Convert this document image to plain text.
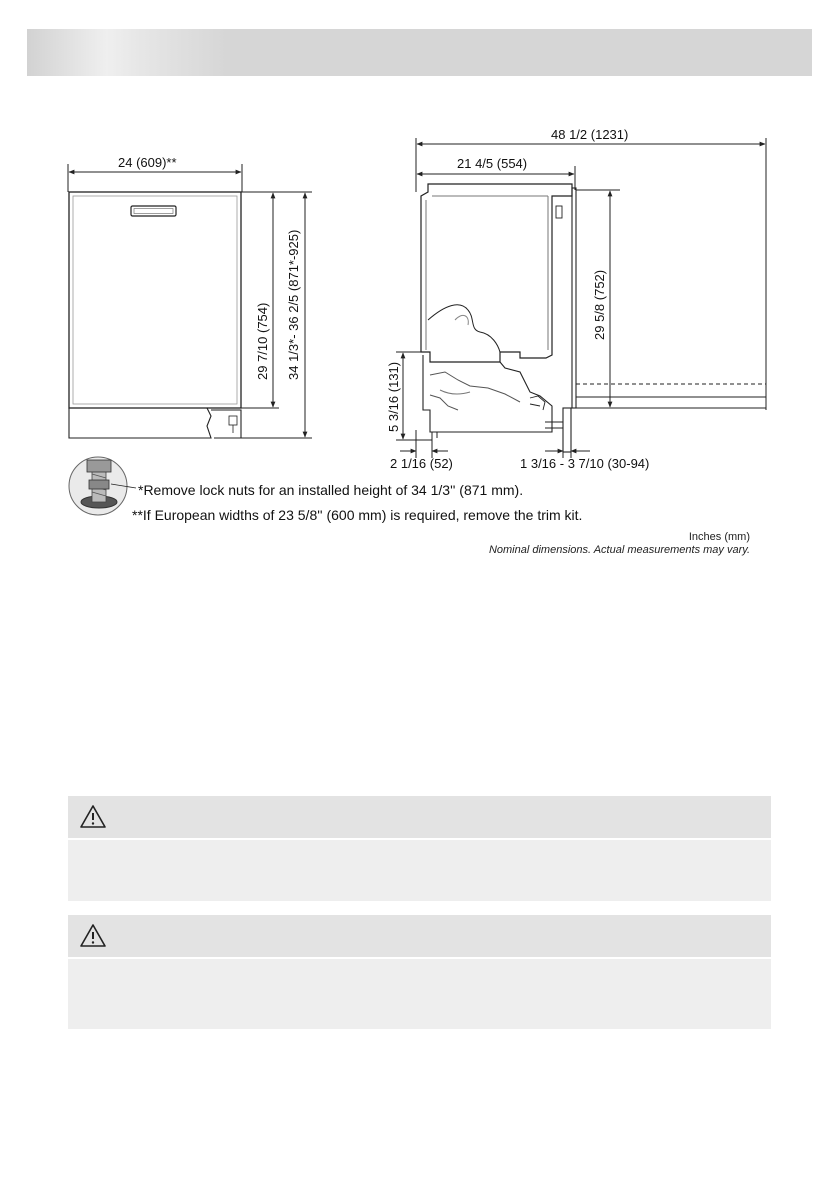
24 (609)**
29 7/10 (754) 34 1/3*- 36 2/5 (871*-925)
48 1/2 (1231)
21 4/5 (554)
29 5/8 (752)
5 3/16 (131)
2 1/16 (52)	1 3/16 - 3 7/10 (30-94)
*Remove lock nuts for an installed height of 34 1/3'' (871 mm).
**If European widths of 23 5/8'' (600 mm) is required, remove the trim kit.
Inches (mm)
Nominal dimensions. Actual measurements may vary.
